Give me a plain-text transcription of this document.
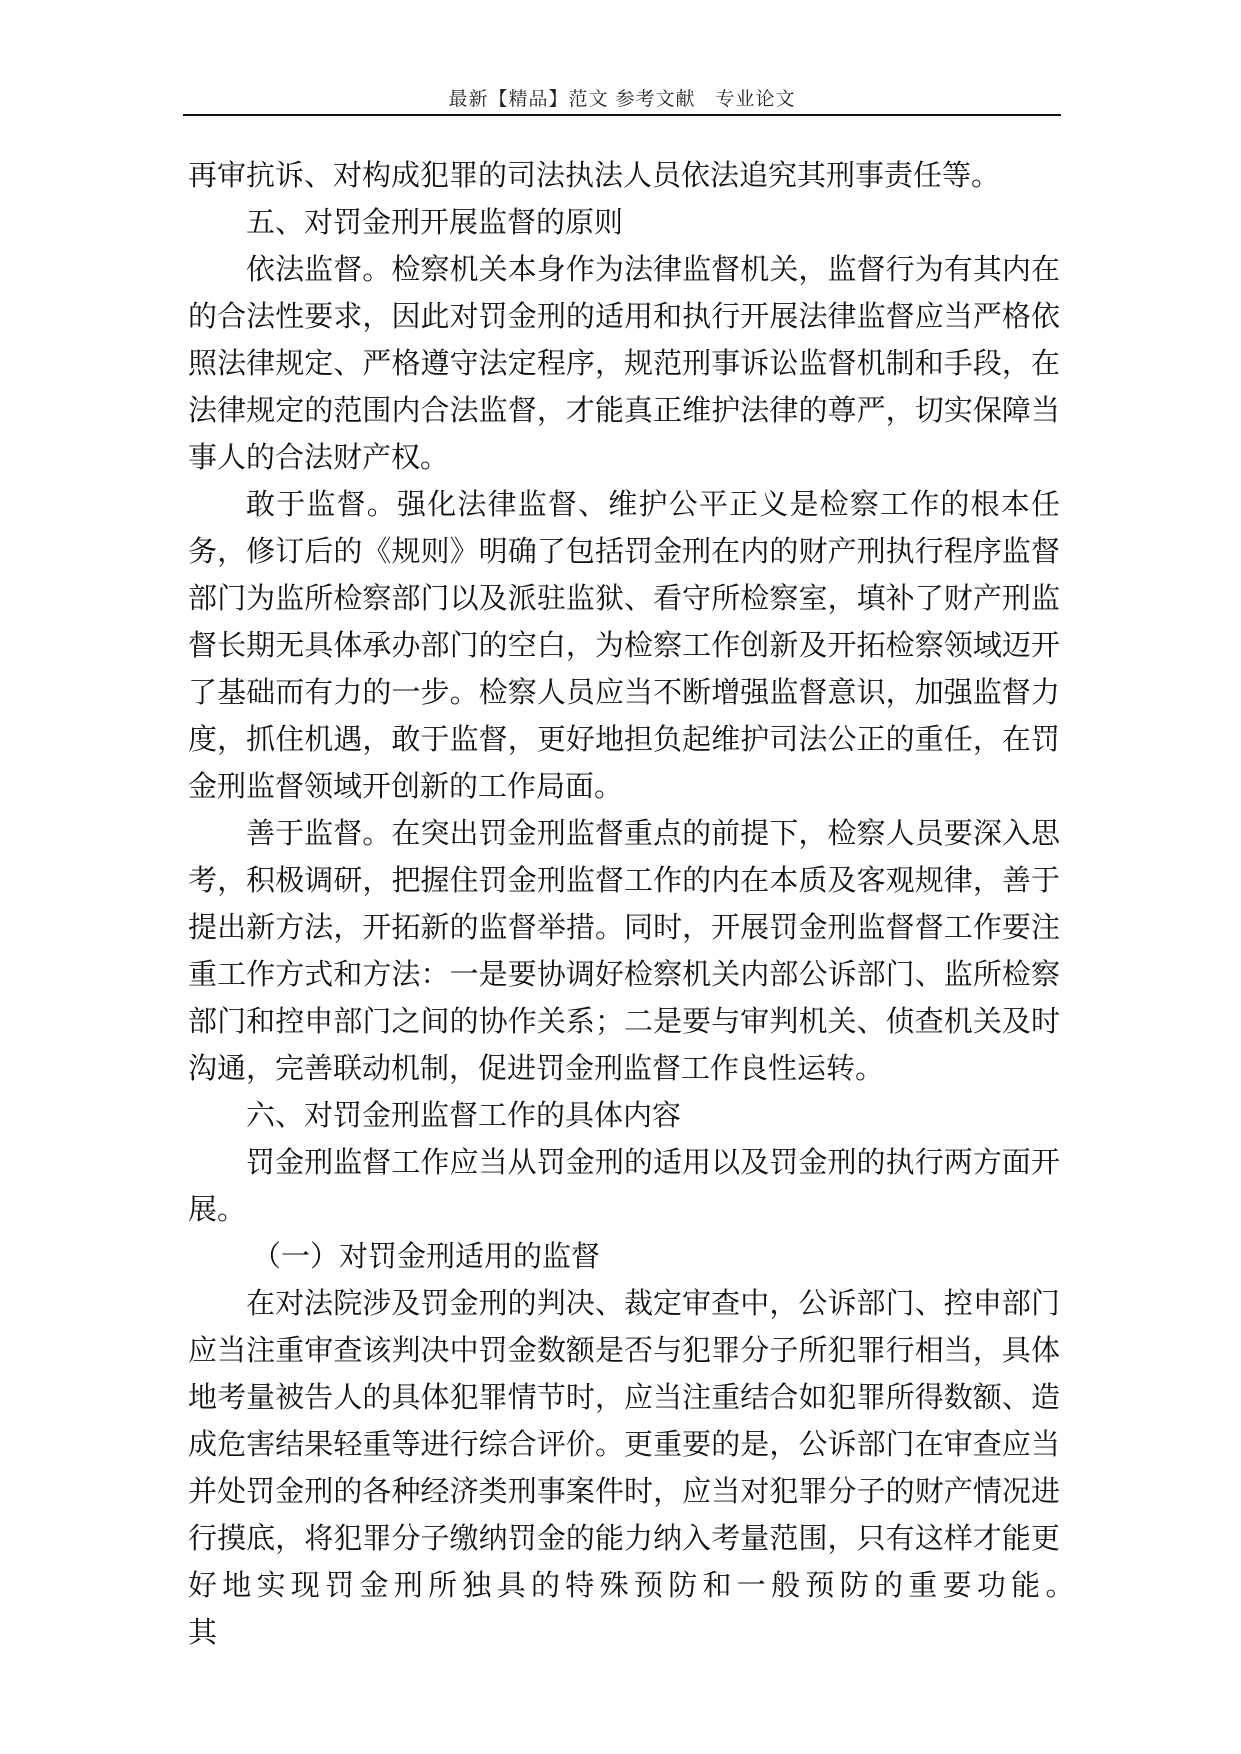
最新【精品】范文 参考文献　专业论文

再审抗诉、对构成犯罪的司法执法人员依法追究其刑事责任等。

五、对罚金刑开展监督的原则

依法监督。检察机关本身作为法律监督机关，监督行为有其内在的合法性要求，因此对罚金刑的适用和执行开展法律监督应当严格依照法律规定、严格遵守法定程序，规范刑事诉讼监督机制和手段，在法律规定的范围内合法监督，才能真正维护法律的尊严，切实保障当事人的合法财产权。

敢于监督。强化法律监督、维护公平正义是检察工作的根本任务，修订后的《规则》明确了包括罚金刑在内的财产刑执行程序监督部门为监所检察部门以及派驻监狱、看守所检察室，填补了财产刑监督长期无具体承办部门的空白，为检察工作创新及开拓检察领域迈开了基础而有力的一步。检察人员应当不断增强监督意识，加强监督力度，抓住机遇，敢于监督，更好地担负起维护司法公正的重任，在罚金刑监督领域开创新的工作局面。

善于监督。在突出罚金刑监督重点的前提下，检察人员要深入思考，积极调研，把握住罚金刑监督工作的内在本质及客观规律，善于提出新方法，开拓新的监督举措。同时，开展罚金刑监督督工作要注重工作方式和方法：一是要协调好检察机关内部公诉部门、监所检察部门和控申部门之间的协作关系；二是要与审判机关、侦查机关及时沟通，完善联动机制，促进罚金刑监督工作良性运转。

六、对罚金刑监督工作的具体内容

罚金刑监督工作应当从罚金刑的适用以及罚金刑的执行两方面开展。

（一）对罚金刑适用的监督

在对法院涉及罚金刑的判决、裁定审查中，公诉部门、控申部门应当注重审查该判决中罚金数额是否与犯罪分子所犯罪行相当，具体地考量被告人的具体犯罪情节时，应当注重结合如犯罪所得数额、造成危害结果轻重等进行综合评价。更重要的是，公诉部门在审查应当并处罚金刑的各种经济类刑事案件时，应当对犯罪分子的财产情况进行摸底，将犯罪分子缴纳罚金的能力纳入考量范围，只有这样才能更好地实现罚金刑所独具的特殊预防和一般预防的重要功能。　　　　其
